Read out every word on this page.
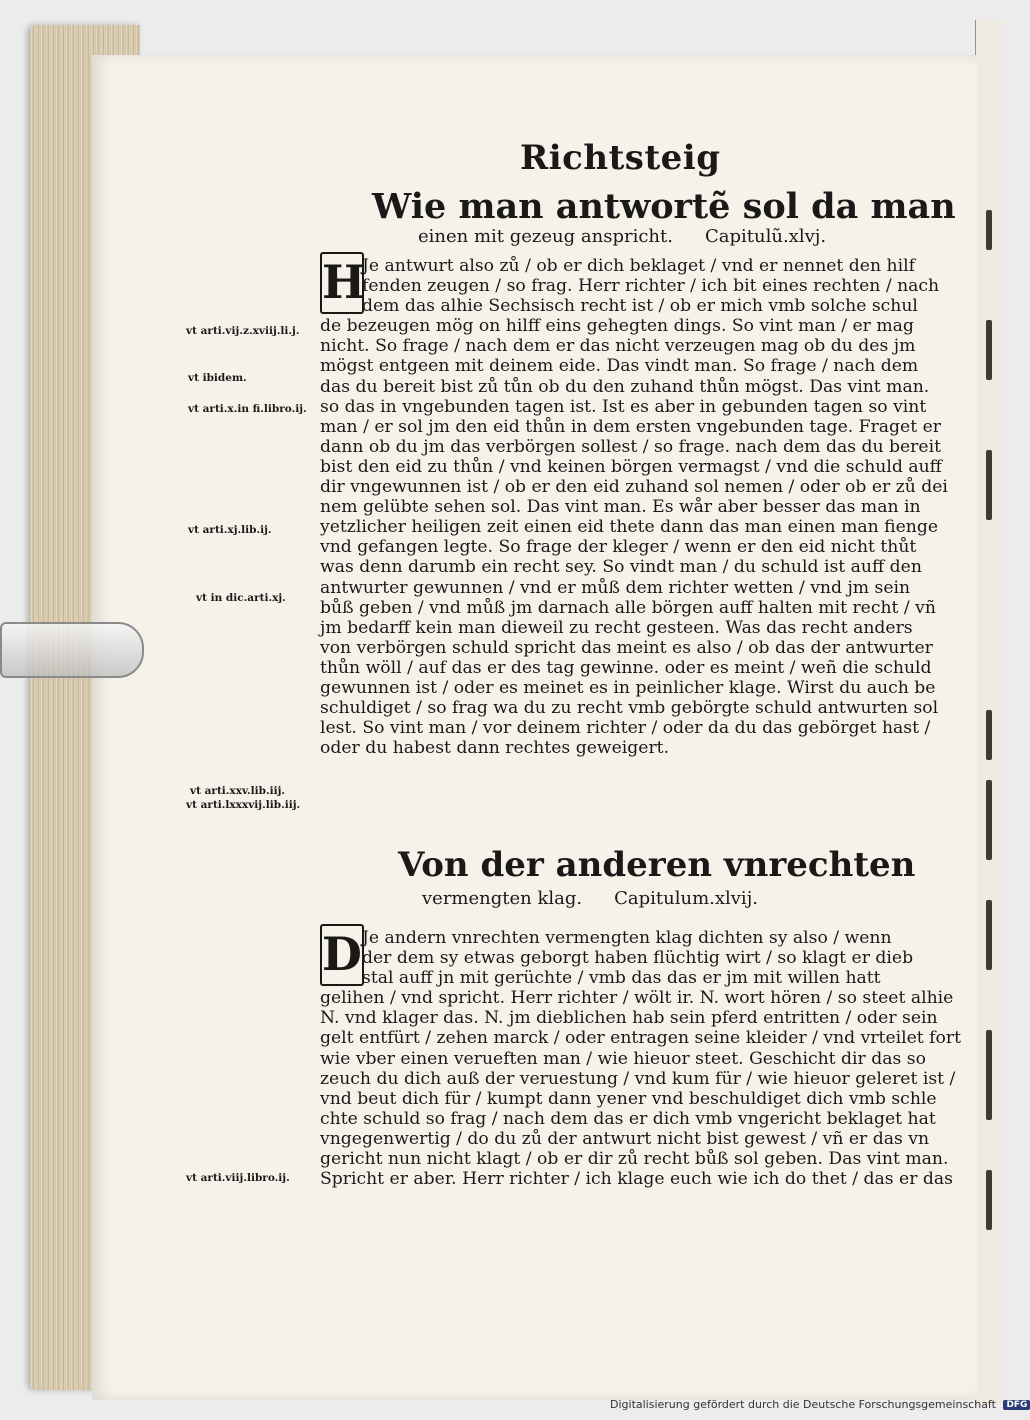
Richtsteig
Wie man antwortẽ sol da man
einen mit gezeug anspricht. Capitulũ.xlvj.
H
Je antwurt also zů / ob er dich beklaget / vnd er nennet den hilf
fenden zeugen / so frag. Herr richter / ich bit eines rechten / nach
dem das alhie Sechsisch recht ist / ob er mich vmb solche schul
de bezeugen mög on hilff eins gehegten dings. So vint man / er mag
nicht. So frage / nach dem er das nicht verzeugen mag ob du des jm
mögst entgeen mit deinem eide. Das vindt man. So frage / nach dem
das du bereit bist zů tůn ob du den zuhand thůn mögst. Das vint man.
so das in vngebunden tagen ist. Ist es aber in gebunden tagen so vint
man / er sol jm den eid thůn in dem ersten vngebunden tage. Fraget er
dann ob du jm das verbörgen sollest / so frage. nach dem das du bereit
bist den eid zu thůn / vnd keinen börgen vermagst / vnd die schuld auff
dir vngewunnen ist / ob er den eid zuhand sol nemen / oder ob er zů dei
nem gelübte sehen sol. Das vint man. Es wår aber besser das man in
yetzlicher heiligen zeit einen eid thete dann das man einen man fienge
vnd gefangen legte. So frage der kleger / wenn er den eid nicht thůt
was denn darumb ein recht sey. So vindt man / du schuld ist auff den
antwurter gewunnen / vnd er můß dem richter wetten / vnd jm sein
bůß geben / vnd můß jm darnach alle börgen auff halten mit recht / vñ
jm bedarff kein man dieweil zu recht gesteen. Was das recht anders
von verbörgen schuld spricht das meint es also / ob das der antwurter
thůn wöll / auf das er des tag gewinne. oder es meint / weñ die schuld
gewunnen ist / oder es meinet es in peinlicher klage. Wirst du auch be
schuldiget / so frag wa du zu recht vmb gebörgte schuld antwurten sol
lest. So vint man / vor deinem richter / oder da du das gebörget hast /
oder du habest dann rechtes geweigert.
Von der anderen vnrechten
vermengten klag. Capitulum.xlvij.
D Je andern vnrechten vermengten klag dichten sy also / wenn
der dem sy etwas geborgt haben flüchtig wirt / so klagt er dieb
stal auff jn mit gerüchte / vmb das das er jm mit willen hatt
gelihen / vnd spricht. Herr richter / wölt ir. N. wort hören / so steet alhie
N. vnd klager das. N. jm dieblichen hab sein pferd entritten / oder sein
gelt entfürt / zehen marck / oder entragen seine kleider / vnd vrteilet fort
wie vber einen verueften man / wie hieuor steet. Geschicht dir das so
zeuch du dich auß der veruestung / vnd kum für / wie hieuor geleret ist /
vnd beut dich für / kumpt dann yener vnd beschuldiget dich vmb schle
chte schuld so frag / nach dem das er dich vmb vngericht beklaget hat
vngegenwertig / do du zů der antwurt nicht bist gewest / vñ er das vn
gericht nun nicht klagt / ob er dir zů recht bůß sol geben. Das vint man.
Spricht er aber. Herr richter / ich klage euch wie ich do thet / das er das
vt arti.vij.z.xviij.li.j.
vt ibidem.
vt arti.x.in fi.libro.ij.
vt arti.xj.lib.ij.
vt in dic.arti.xj.
vt arti.xxv.lib.iij.
vt arti.lxxxvij.lib.iij.
vt arti.viij.libro.ij.
Digitalisierung gefördert durch die Deutsche Forschungsgemeinschaft DFG
